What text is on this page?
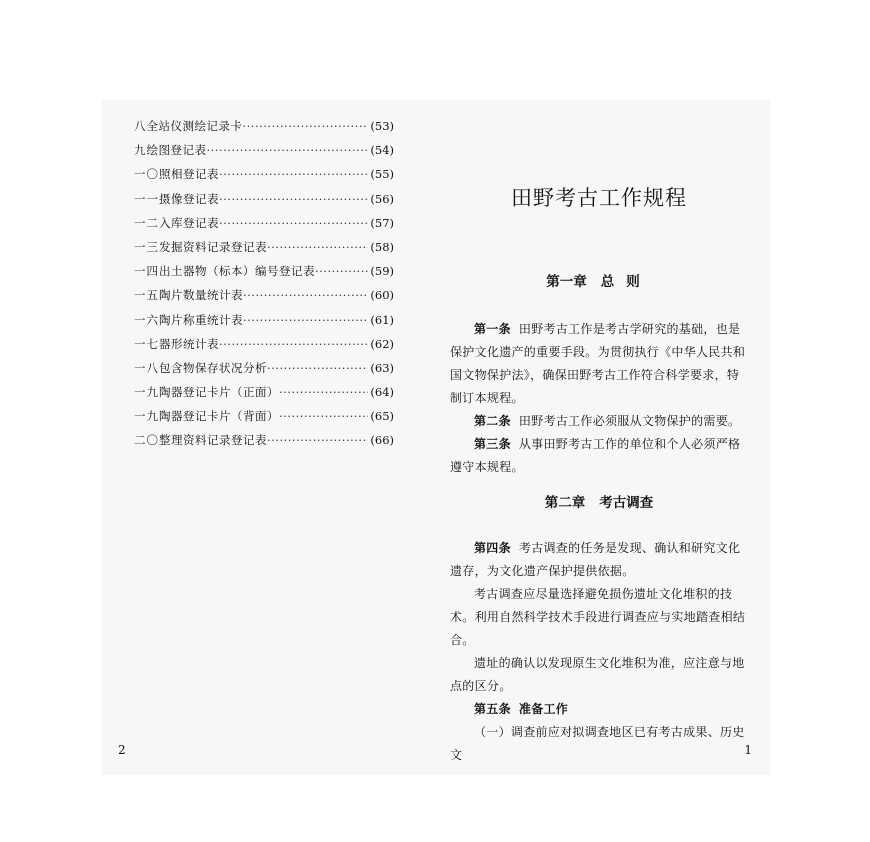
八 全站仪测绘记录卡 ·····	(53)
九 绘图登记表 ·····	(54)
一〇 照相登记表 ·····	(55)
一一 摄像登记表 ·····	(56)
一二 入库登记表 ·····	(57)
一三 发掘资料记录登记表 ·····	(58)
一四 出土器物（标本）编号登记表 ·····	(59)
一五 陶片数量统计表 ·····	(60)
一六 陶片称重统计表 ·····	(61)
一七 器形统计表 ·····	(62)
一八 包含物保存状况分析 ·····	(63)
一九 陶器登记卡片（正面） ·····	(64)
一九 陶器登记卡片（背面） ·····	(65)
二〇 整理资料记录登记表 ·····	(66)
2
田野考古工作规程
第一章 总则

第一条 田野考古工作是考古学研究的基础，也是保护文化遗产的重要手段。为贯彻执行《中华人民共和国文物保护法》，确保田野考古工作符合科学要求，特制订本规程。

第二条 田野考古工作必须服从文物保护的需要。

第三条 从事田野考古工作的单位和个人必须严格遵守本规程。

第二章 考古调查

第四条 考古调查的任务是发现、确认和研究文化遗存，为文化遗产保护提供依据。

考古调查应尽量选择避免损伤遗址文化堆积的技术。利用自然科学技术手段进行调查应与实地踏查相结合。

遗址的确认以发现原生文化堆积为准，应注意与地点的区分。

第五条 准备工作

（一）调查前应对拟调查地区已有考古成果、历史文	1
